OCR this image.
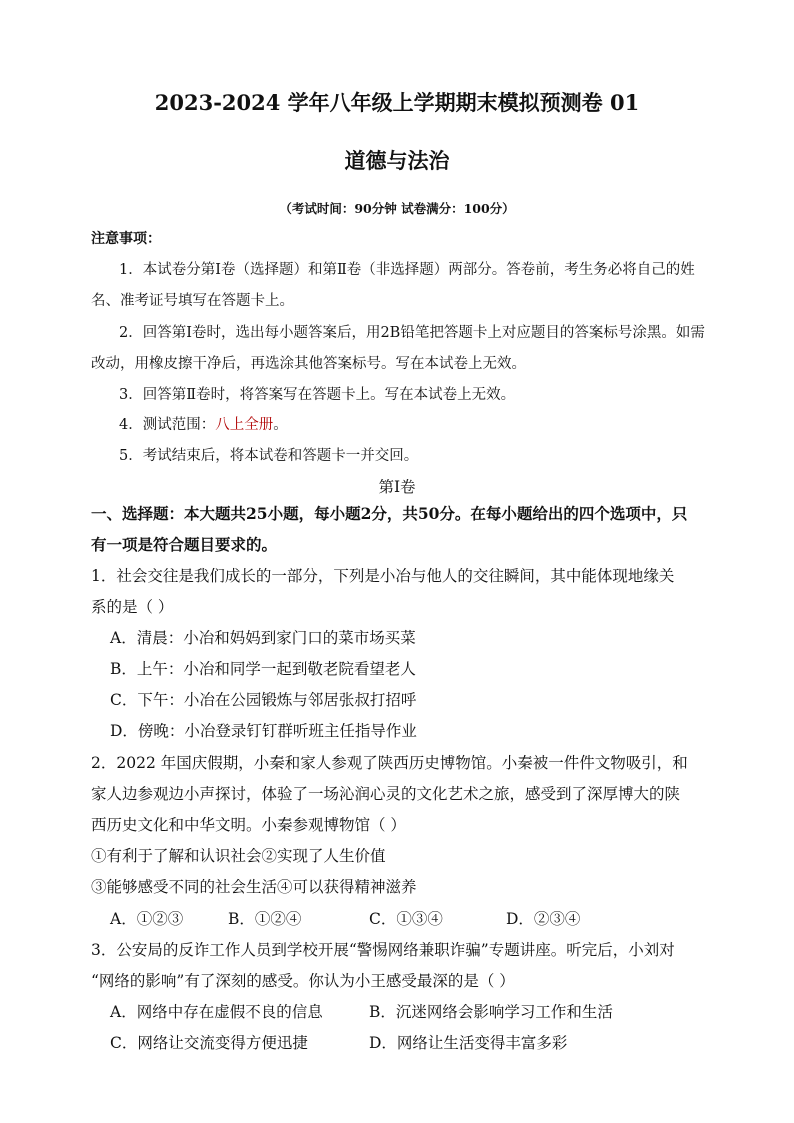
2023-2024 学年八年级上学期期末模拟预测卷 01
道德与法治
（考试时间：90分钟 试卷满分：100分）
注意事项：
1．本试卷分第Ⅰ卷（选择题）和第Ⅱ卷（非选择题）两部分。答卷前，考生务必将自己的姓
名、准考证号填写在答题卡上。
2．回答第Ⅰ卷时，选出每小题答案后，用2B铅笔把答题卡上对应题目的答案标号涂黑。如需
改动，用橡皮擦干净后，再选涂其他答案标号。写在本试卷上无效。
3．回答第Ⅱ卷时，将答案写在答题卡上。写在本试卷上无效。
4．测试范围：八上全册。
5．考试结束后，将本试卷和答题卡一并交回。
第Ⅰ卷
一、选择题：本大题共25小题，每小题2分，共50分。在每小题给出的四个选项中，只
有一项是符合题目要求的。
1．社会交往是我们成长的一部分，下列是小冶与他人的交往瞬间，其中能体现地缘关
系的是（ ）
A．清晨：小冶和妈妈到家门口的菜市场买菜
B．上午：小冶和同学一起到敬老院看望老人
C．下午：小冶在公园锻炼与邻居张叔打招呼
D．傍晚：小冶登录钉钉群听班主任指导作业
2．2022 年国庆假期，小秦和家人参观了陕西历史博物馆。小秦被一件件文物吸引，和
家人边参观边小声探讨，体验了一场沁润心灵的文化艺术之旅，感受到了深厚博大的陕
西历史文化和中华文明。小秦参观博物馆（ ）
①有利于了解和认识社会②实现了人生价值
③能够感受不同的社会生活④可以获得精神滋养
A．①②③	B．①②④	C．①③④	D．②③④
3．公安局的反诈工作人员到学校开展“警惕网络兼职诈骗”专题讲座。听完后，小刘对
“网络的影响”有了深刻的感受。你认为小王感受最深的是（ ）
A．网络中存在虚假不良的信息	B．沉迷网络会影响学习工作和生活
C．网络让交流变得方便迅捷	D．网络让生活变得丰富多彩
